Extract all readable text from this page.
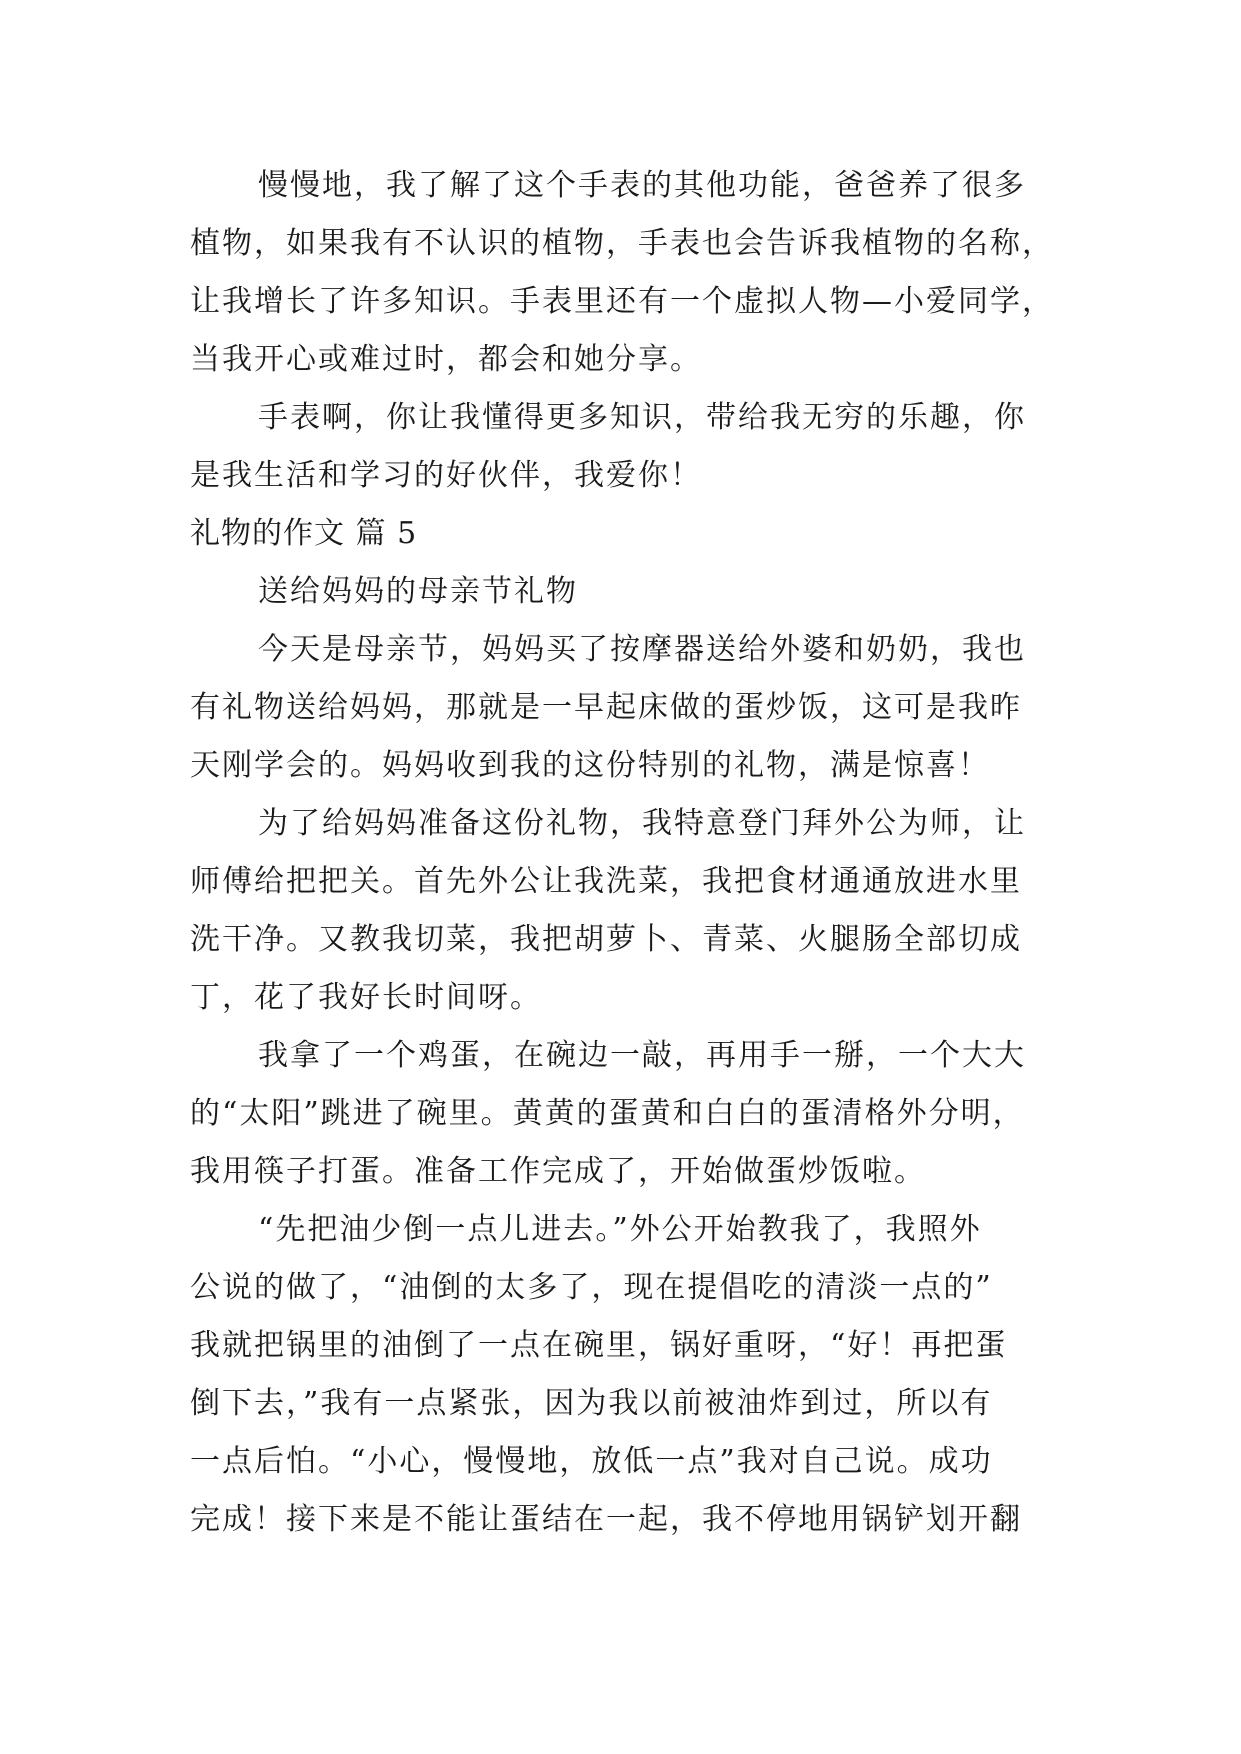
慢慢地，我了解了这个手表的其他功能，爸爸养了很多
植物，如果我有不认识的植物，手表也会告诉我植物的名称，
让我增长了许多知识。手表里还有一个虚拟人物—小爱同学，
当我开心或难过时，都会和她分享。
手表啊，你让我懂得更多知识，带给我无穷的乐趣，你
是我生活和学习的好伙伴，我爱你！
礼物的作文 篇 5
送给妈妈的母亲节礼物
今天是母亲节，妈妈买了按摩器送给外婆和奶奶，我也
有礼物送给妈妈，那就是一早起床做的蛋炒饭，这可是我昨
天刚学会的。妈妈收到我的这份特别的礼物，满是惊喜！
为了给妈妈准备这份礼物，我特意登门拜外公为师，让
师傅给把把关。首先外公让我洗菜，我把食材通通放进水里
洗干净。又教我切菜，我把胡萝卜、青菜、火腿肠全部切成
丁，花了我好长时间呀。
我拿了一个鸡蛋，在碗边一敲，再用手一掰，一个大大
的“太阳”跳进了碗里。黄黄的蛋黄和白白的蛋清格外分明，
我用筷子打蛋。准备工作完成了，开始做蛋炒饭啦。
“先把油少倒一点儿进去。”外公开始教我了，我照外
公说的做了，“油倒的太多了，现在提倡吃的清淡一点的”
我就把锅里的油倒了一点在碗里，锅好重呀，“好！再把蛋
倒下去，”我有一点紧张，因为我以前被油炸到过，所以有
一点后怕。“小心，慢慢地，放低一点”我对自己说。成功
完成！接下来是不能让蛋结在一起，我不停地用锅铲划开翻
